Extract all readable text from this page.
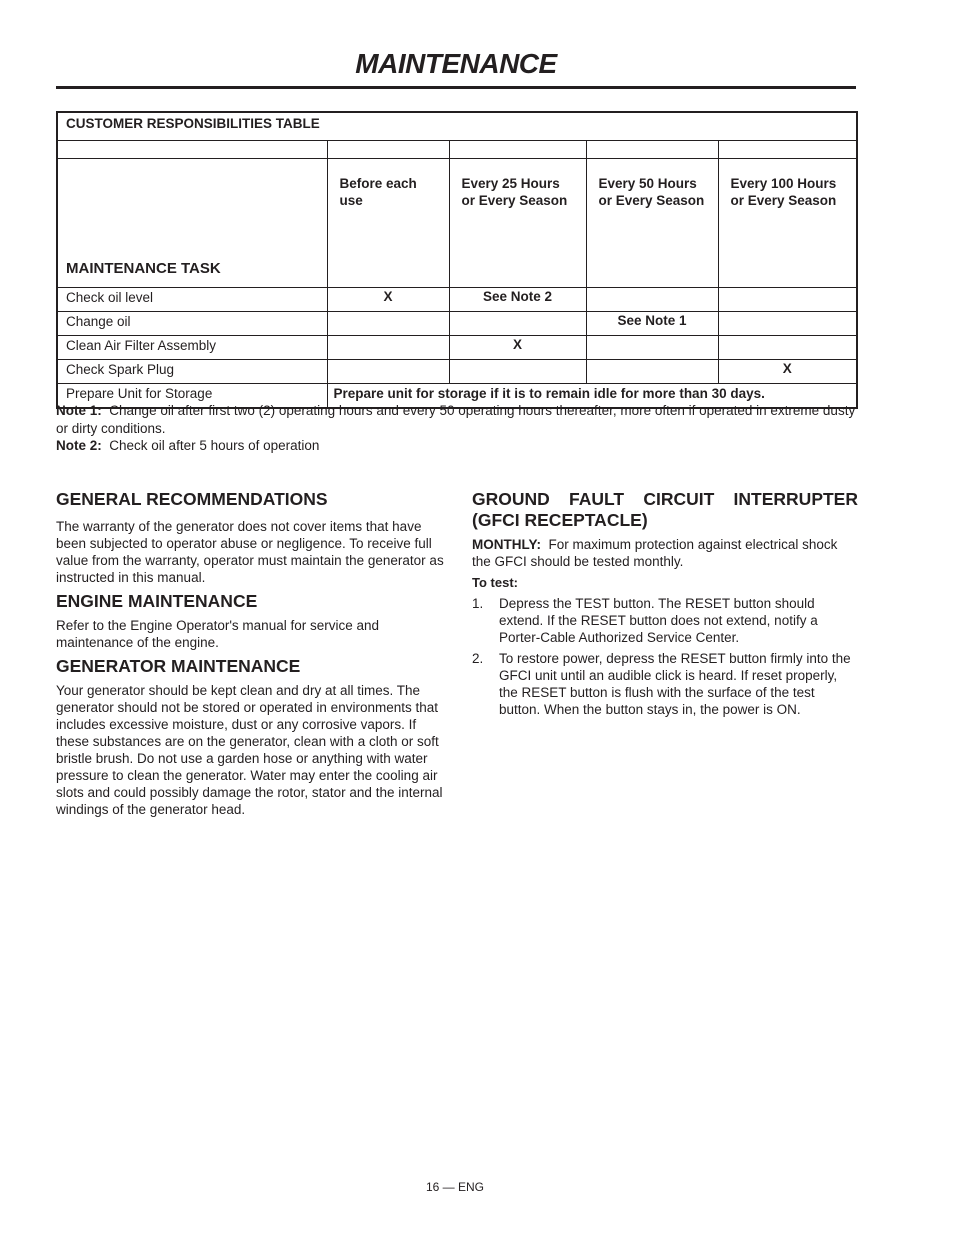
MAINTENANCE
CUSTOMER RESPONSIBILITIES TABLE				

MAINTENANCE TASK	Before each use	Every 25 Hours or Every Season	Every 50 Hours or Every Season	Every 100 Hours or Every Season
Check oil level	X	See Note 2		
Change oil			See Note 1	
Clean Air Filter Assembly		X		
Check Spark Plug				X
Prepare Unit for Storage	Prepare unit for storage if it is to remain idle for more than 30 days.			
Note 1: Change oil after first two (2) operating hours and every 50 operating hours thereafter, more often if operated in extreme dusty or dirty conditions.
Note 2: Check oil after 5 hours of operation
GENERAL RECOMMENDATIONS

The warranty of the generator does not cover items that have been subjected to operator abuse or negligence. To receive full value from the warranty, operator must maintain the generator as instructed in this manual.

ENGINE MAINTENANCE

Refer to the Engine Operator's manual for service and maintenance of the engine.

GENERATOR MAINTENANCE

Your generator should be kept clean and dry at all times. The generator should not be stored or operated in environments that includes excessive moisture, dust or any corrosive vapors. If these substances are on the generator, clean with a cloth or soft bristle brush. Do not use a garden hose or anything with water pressure to clean the generator. Water may enter the cooling air slots and could possibly damage the rotor, stator and the internal windings of the generator head.

GROUND FAULT CIRCUIT INTERRUPTER (GFCI RECEPTACLE)

MONTHLY: For maximum protection against electrical shock the GFCI should be tested monthly.

To test:

1. Depress the TEST button. The RESET button should extend. If the RESET button does not extend, notify a Porter-Cable Authorized Service Center.
2. To restore power, depress the RESET button firmly into the GFCI unit until an audible click is heard. If reset properly, the RESET button is flush with the surface of the test button. When the button stays in, the power is ON.
16 — ENG
